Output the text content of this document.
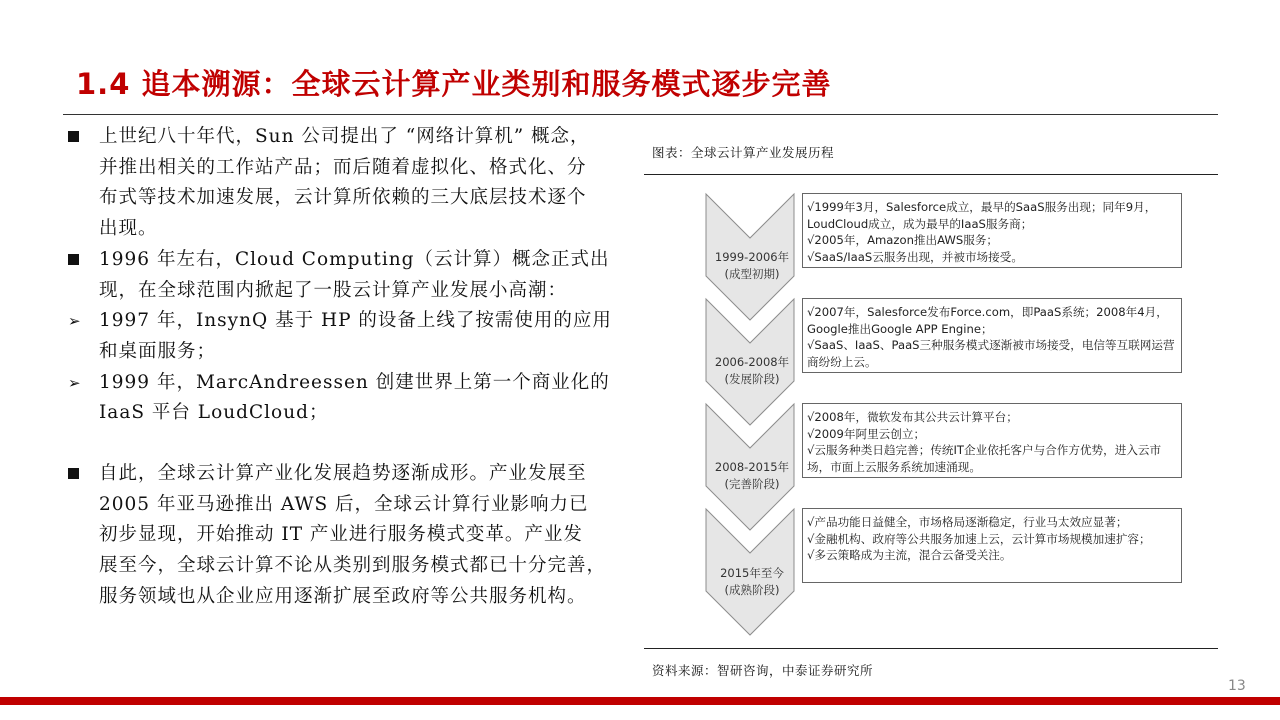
1.4 追本溯源：全球云计算产业类别和服务模式逐步完善
上世纪八十年代，Sun 公司提出了 “网络计算机” 概念，
并推出相关的工作站产品；而后随着虚拟化、格式化、分
布式等技术加速发展，云计算所依赖的三大底层技术逐个
出现。
1996 年左右，Cloud Computing（云计算）概念正式出
现，在全球范围内掀起了一股云计算产业发展小高潮：
➢ 1997 年，InsynQ 基于 HP 的设备上线了按需使用的应用
和桌面服务；
➢ 1999 年，MarcAndreessen 创建世界上第一个商业化的
IaaS 平台 LoudCloud；
自此，全球云计算产业化发展趋势逐渐成形。产业发展至
2005 年亚马逊推出 AWS 后，全球云计算行业影响力已
初步显现，开始推动 IT 产业进行服务模式变革。产业发
展至今，全球云计算不论从类别到服务模式都已十分完善，
服务领域也从企业应用逐渐扩展至政府等公共服务机构。
图表：全球云计算产业发展历程
1999-2006年
(成型初期)
2006-2008年
(发展阶段)
2008-2015年
(完善阶段)
2015年至今
(成熟阶段)
√1999年3月，Salesforce成立，最早的SaaS服务出现；同年9月，LoudCloud成立，成为最早的IaaS服务商；
√2005年，Amazon推出AWS服务；
√SaaS/IaaS云服务出现，并被市场接受。
√2007年，Salesforce发布Force.com，即PaaS系统；2008年4月，Google推出Google APP Engine；
√SaaS、IaaS、PaaS三种服务模式逐渐被市场接受，电信等互联网运营商纷纷上云。
√2008年，微软发布其公共云计算平台；
√2009年阿里云创立；
√云服务种类日趋完善；传统IT企业依托客户与合作方优势，进入云市场，市面上云服务系统加速涌现。
√产品功能日益健全，市场格局逐渐稳定，行业马太效应显著；
√金融机构、政府等公共服务加速上云，云计算市场规模加速扩容；
√多云策略成为主流，混合云备受关注。
资料来源：智研咨询，中泰证券研究所
13
